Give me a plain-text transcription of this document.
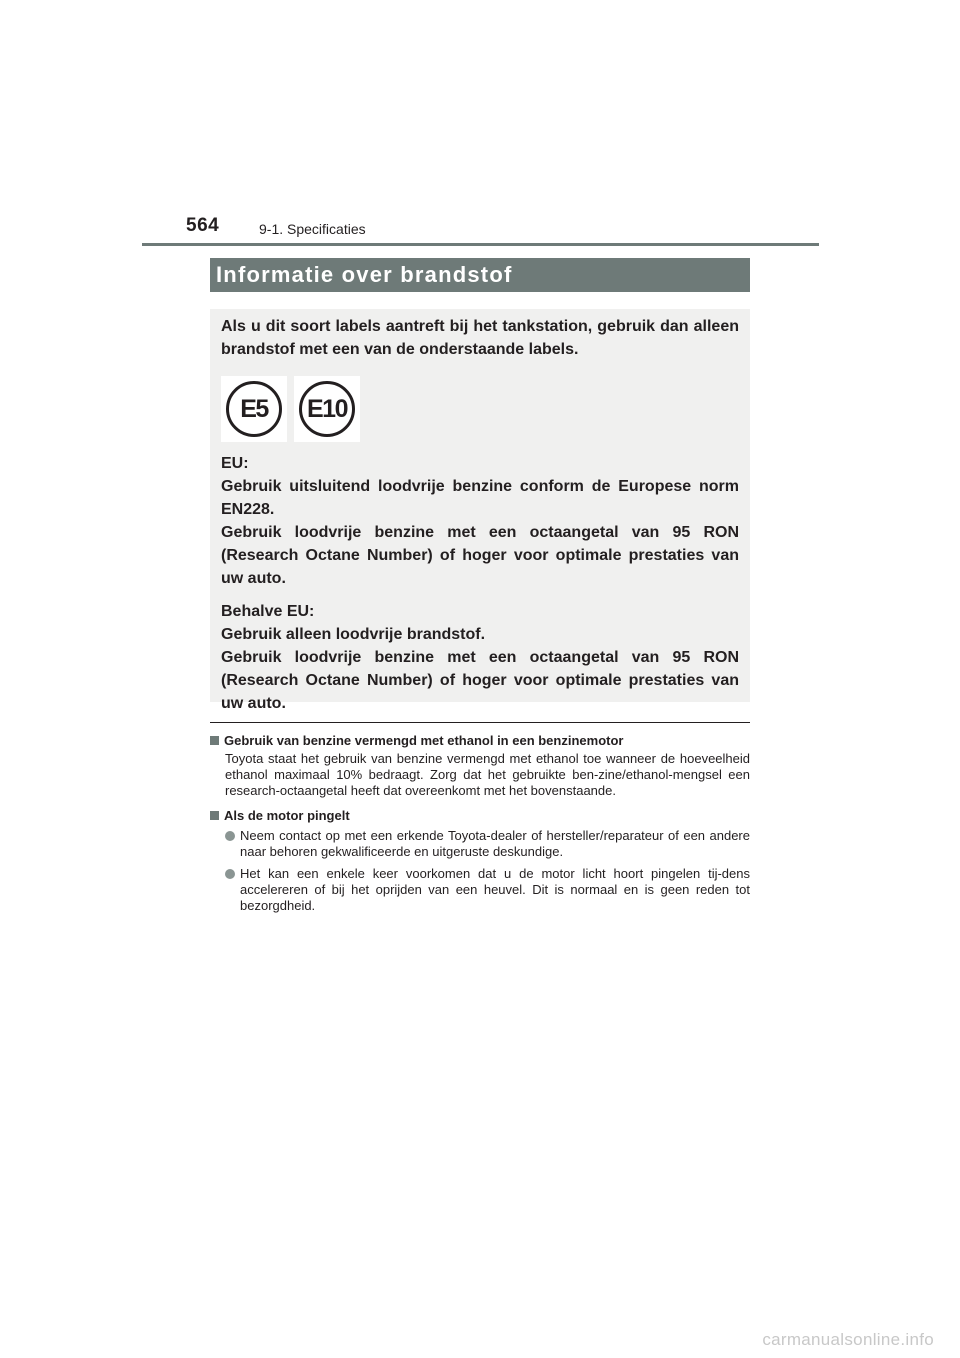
564	9-1. Specificaties
Informatie over brandstof

Als u dit soort labels aantreft bij het tankstation, gebruik dan alleen brandstof met een van de onderstaande labels.

E5 E10

EU:

Gebruik uitsluitend loodvrije benzine conform de Europese norm EN228.

Gebruik loodvrije benzine met een octaangetal van 95 RON (Research Octane Number) of hoger voor optimale prestaties van uw auto.

Behalve EU:

Gebruik alleen loodvrije brandstof.

Gebruik loodvrije benzine met een octaangetal van 95 RON (Research Octane Number) of hoger voor optimale prestaties van uw auto.

Gebruik van benzine vermengd met ethanol in een benzinemotor

Toyota staat het gebruik van benzine vermengd met ethanol toe wanneer de hoeveelheid ethanol maximaal 10% bedraagt. Zorg dat het gebruikte ben-zine/ethanol-mengsel een research-octaangetal heeft dat overeenkomt met het bovenstaande.

Als de motor pingelt

Neem contact op met een erkende Toyota-dealer of hersteller/reparateur of een andere naar behoren gekwalificeerde en uitgeruste deskundige.

Het kan een enkele keer voorkomen dat u de motor licht hoort pingelen tij-dens accelereren of bij het oprijden van een heuvel. Dit is normaal en is geen reden tot bezorgdheid.

carmanualsonline.info
